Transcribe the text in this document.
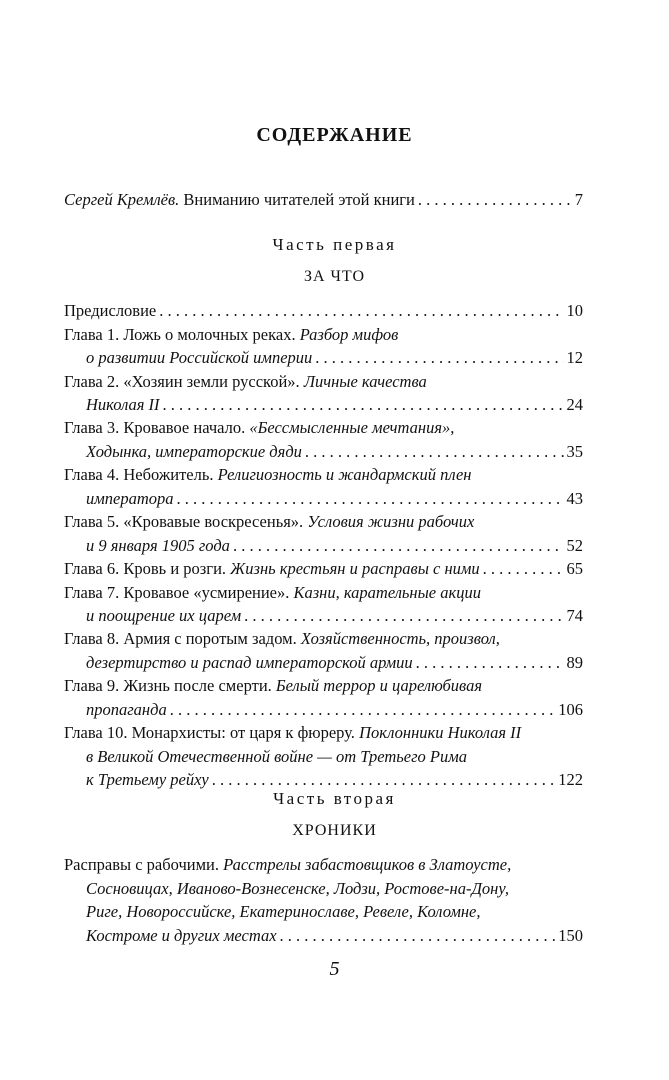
СОДЕРЖАНИЕ
Сергей Кремлёв. Вниманию читателей этой книги . . .	7
Часть первая
ЗА ЧТО
Предисловие . . .	10
Глава 1. Ложь о молочных реках. Разбор мифов
о развитии Российской империи . . .	12
Глава 2. «Хозяин земли русской». Личные качества
Николая II . . .	24
Глава 3. Кровавое начало. «Бессмысленные мечтания»,
Ходынка, императорские дяди . . .	35
Глава 4. Небожитель. Религиозность и жандармский плен
императора . . .	43
Глава 5. «Кровавые воскресенья». Условия жизни рабочих
и 9 января 1905 года . . .	52
Глава 6. Кровь и розги. Жизнь крестьян и расправы с ними . . .	65
Глава 7. Кровавое «усмирение». Казни, карательные акции
и поощрение их царем . . .	74
Глава 8. Армия с поротым задом. Хозяйственность, произвол,
дезертирство и распад императорской армии . . .	89
Глава 9. Жизнь после смерти. Белый террор и царелюбивая
пропаганда . . .	106
Глава 10. Монархисты: от царя к фюреру. Поклонники Николая II
в Великой Отечественной войне — от Третьего Рима
к Третьему рейху . . .	122
Часть вторая
ХРОНИКИ
Расправы с рабочими. Расстрелы забастовщиков в Златоусте,
Сосновицах, Иваново-Вознесенске, Лодзи, Ростове-на-Дону,
Риге, Новороссийске, Екатеринославе, Ревеле, Коломне,
Костроме и других местах . . .	150
5
